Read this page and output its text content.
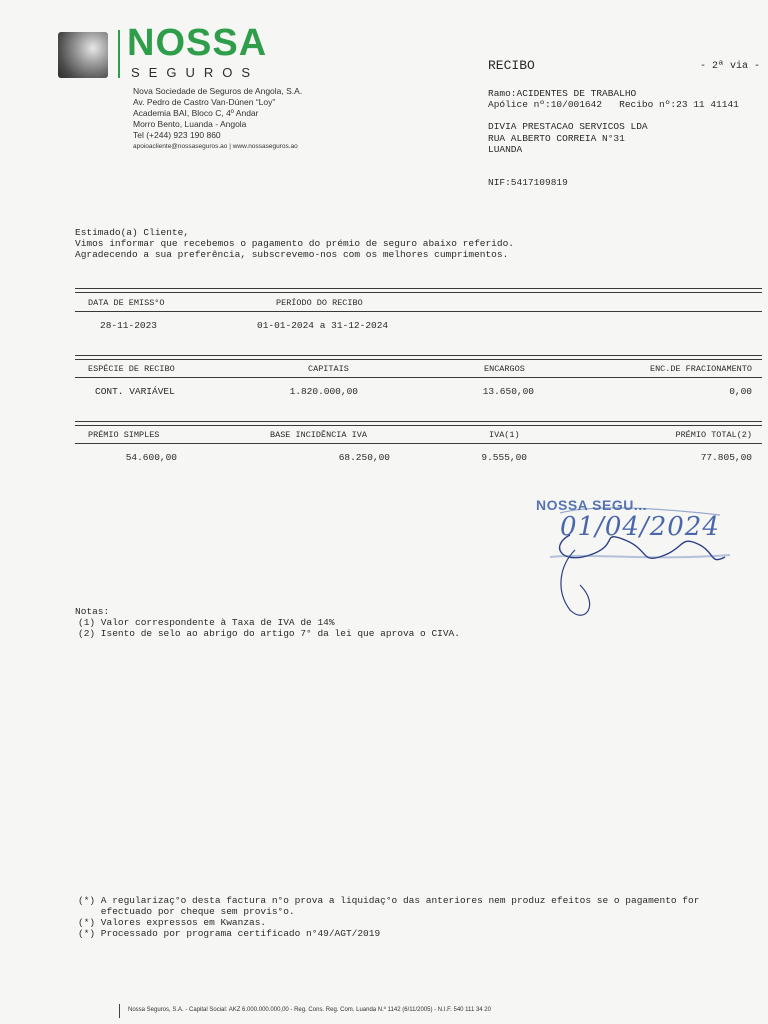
NOSSA
SEGUROS
Nova Sociedade de Seguros de Angola, S.A.
Av. Pedro de Castro Van-Dúnen “Loy”
Academia BAI, Bloco C, 4º Andar
Morro Bento, Luanda - Angola
Tel (+244) 923 190 860
apoioacliente@nossaseguros.ao | www.nossaseguros.ao
RECIBO	- 2ª via -
Ramo:ACIDENTES DE TRABALHO
Apólice nº:10/001642   Recibo nº:23 11 41141
DIVIA PRESTACAO SERVICOS LDA
RUA ALBERTO CORREIA N°31
LUANDA
NIF:5417109819
Estimado(a) Cliente,
Vimos informar que recebemos o pagamento do prémio de seguro abaixo referido.
Agradecendo a sua preferência, subscrevemo-nos com os melhores cumprimentos.
DATA DE EMISS°O	PERÍODO DO RECIBO
28-11-2023	01-01-2024 a 31-12-2024
ESPÉCIE DE RECIBO	CAPITAIS	ENCARGOS	ENC.DE FRACIONAMENTO
CONT. VARIÁVEL	1.820.000,00	13.650,00	0,00
PRÉMIO SIMPLES	BASE INCIDÊNCIA IVA	IVA(1)	PRÉMIO TOTAL(2)
54.600,00	68.250,00	9.555,00	77.805,00
NOSSA SEGU...
01/04/2024
Notas:
(1) Valor correspondente à Taxa de IVA de 14%
(2) Isento de selo ao abrigo do artigo 7° da lei que aprova o CIVA.
(*) A regularizaç°o desta factura n°o prova a liquidaç°o das anteriores nem produz efeitos se o pagamento for
efectuado por cheque sem provis°o.
(*) Valores expressos em Kwanzas.
(*) Processado por programa certificado n°49/AGT/2019
Nossa Seguros, S.A. - Capital Social: AKZ 6.000.000.000,00 - Reg. Cons. Reg. Com. Luanda N.º 1142 (6/11/2005) - N.I.F. 540 111 34 20
